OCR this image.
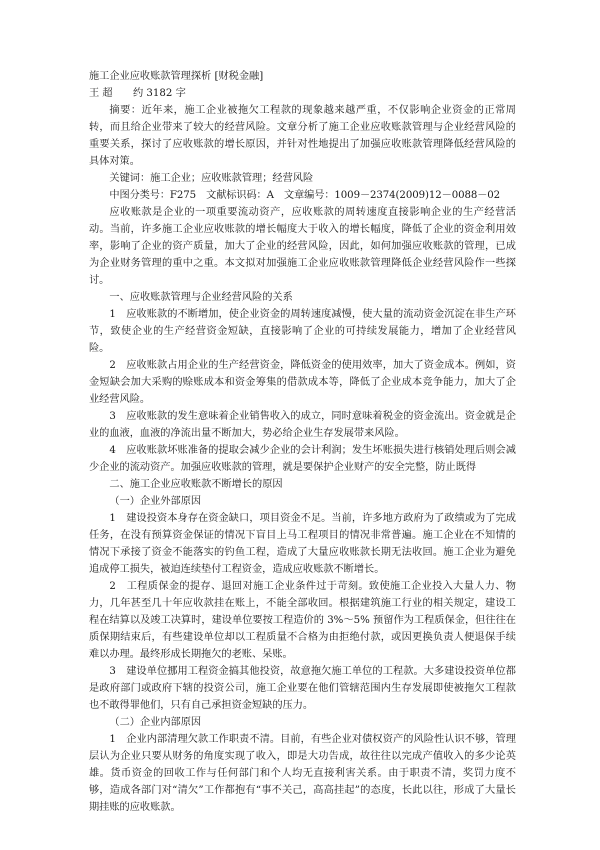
施工企业应收账款管理探析 [财税金融]

王 超　　约 3182 字

摘要：近年来，施工企业被拖欠工程款的现象越来越严重，不仅影响企业资金的正常周转，而且给企业带来了较大的经营风险。文章分析了施工企业应收账款管理与企业经营风险的重要关系，探讨了应收账款的增长原因，并针对性地提出了加强应收账款管理降低经营风险的具体对策。

关键词：施工企业；应收账款管理；经营风险

中图分类号：F275　文献标识码：A　文章编号：1009－2374(2009)12－0088－02

应收账款是企业的一项重要流动资产，应收账款的周转速度直接影响企业的生产经营活动。当前，许多施工企业应收账款的增长幅度大于收入的增长幅度，降低了企业的资金利用效率，影响了企业的资产质量，加大了企业的经营风险，因此，如何加强应收账款的管理，已成为企业财务管理的重中之重。本文拟对加强施工企业应收账款管理降低企业经营风险作一些探讨。

一、应收账款管理与企业经营风险的关系

1　应收账款的不断增加，使企业资金的周转速度减慢，使大量的流动资金沉淀在非生产环节，致使企业的生产经营资金短缺，直接影响了企业的可持续发展能力，增加了企业经营风险。

2　应收账款占用企业的生产经营资金，降低资金的使用效率，加大了资金成本。例如，资金短缺会加大采购的赊账成本和资金筹集的借款成本等，降低了企业成本竞争能力，加大了企业经营风险。

3　应收账款的发生意味着企业销售收入的成立，同时意味着税金的资金流出。资金就是企业的血液，血液的净流出量不断加大，势必给企业生存发展带来风险。

4　应收账款坏账准备的提取会减少企业的会计利润；发生坏账损失进行核销处理后则会减少企业的流动资产。加强应收账款的管理，就是要保护企业财产的安全完整，防止既得

二、施工企业应收账款不断增长的原因

（一）企业外部原因

1　建设投资本身存在资金缺口，项目资金不足。当前，许多地方政府为了政绩或为了完成任务，在没有预算资金保证的情况下盲目上马工程项目的情况非常普遍。施工企业在不知情的情况下承接了资金不能落实的钓鱼工程，造成了大量应收账款长期无法收回。施工企业为避免追成停工损失，被迫连续垫付工程资金，造成应收账款不断增长。

2　工程质保金的提存、退回对施工企业条件过于苛刻。致使施工企业投入大量人力、物力，几年甚至几十年应收款挂在账上，不能全部收回。根据建筑施工行业的相关规定，建设工程在结算以及竣工决算时，建设单位要按工程造价的 3%～5% 预留作为工程质保金，但往往在质保期结束后，有些建设单位却以工程质量不合格为由拒绝付款，或因更换负责人便退保手续难以办理。最终形成长期拖欠的老账、呆账。

3　建设单位挪用工程资金搞其他投资，故意拖欠施工单位的工程款。大多建设投资单位都是政府部门或政府下辖的投资公司，施工企业要在他们管辖范围内生存发展即使被拖欠工程款也不敢得罪他们，只有自己承担资金短缺的压力。

（二）企业内部原因

1　企业内部清理欠款工作职责不清。目前，有些企业对债权资产的风险性认识不够，管理层认为企业只要从财务的角度实现了收入，即是大功告成，故往往以完成产值收入的多少论英雄。货币资金的回收工作与任何部门和个人均无直接利害关系。由于职责不清，奖罚力度不够，造成各部门对“清欠”工作都抱有“事不关己，高高挂起”的态度，长此以往，形成了大量长期挂账的应收账款。
